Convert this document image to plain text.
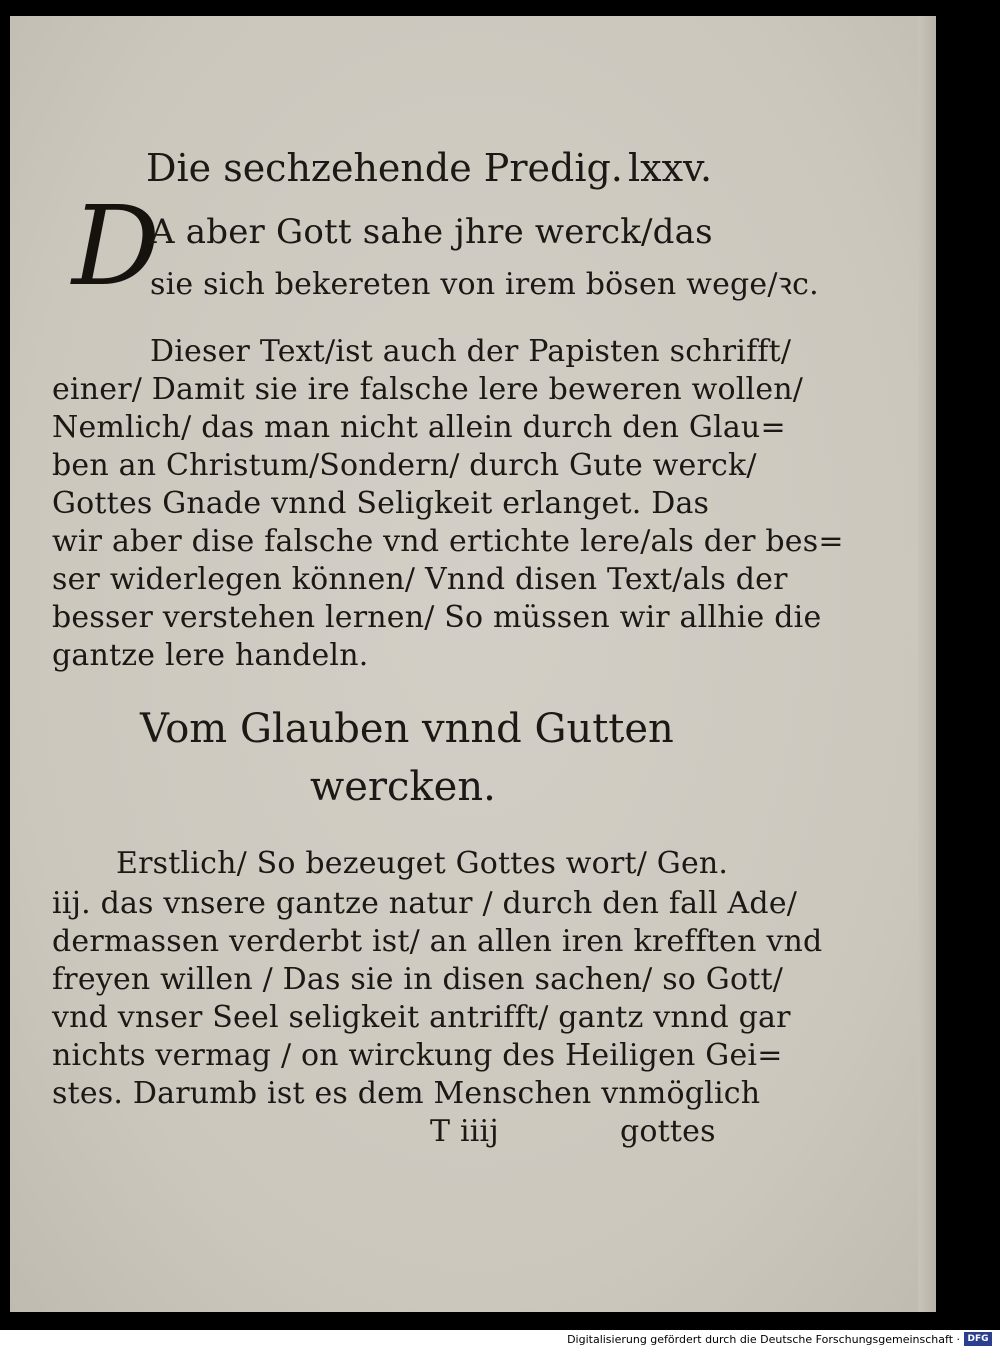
Die sechzehende Predig. lxxv.
D
A aber Gott sahe jhre werck/das
sie sich bekereten von irem bösen wege/ꝛc.
Dieser Text/ist auch der Papisten schrifft/
einer/ Damit sie ire falsche lere beweren wollen/
Nemlich/ das man nicht allein durch den Glau=
ben an Christum/Sondern/ durch Gute werck/
Gottes Gnade vnnd Seligkeit erlanget. Das
wir aber dise falsche vnd ertichte lere/als der bes=
ser widerlegen können/ Vnnd disen Text/als der
besser verstehen lernen/ So müssen wir allhie die
gantze lere handeln.
Vom Glauben vnnd Gutten
wercken.
Erstlich/ So bezeuget Gottes wort/ Gen.
iij. das vnsere gantze natur / durch den fall Ade/
dermassen verderbt ist/ an allen iren krefften vnd
freyen willen / Das sie in disen sachen/ so Gott/
vnd vnser Seel seligkeit antrifft/ gantz vnnd gar
nichts vermag / on wirckung des Heiligen Gei=
stes. Darumb ist es dem Menschen vnmöglich
T iiij	gottes
Digitalisierung gefördert durch die Deutsche Forschungsgemeinschaft · DFG
